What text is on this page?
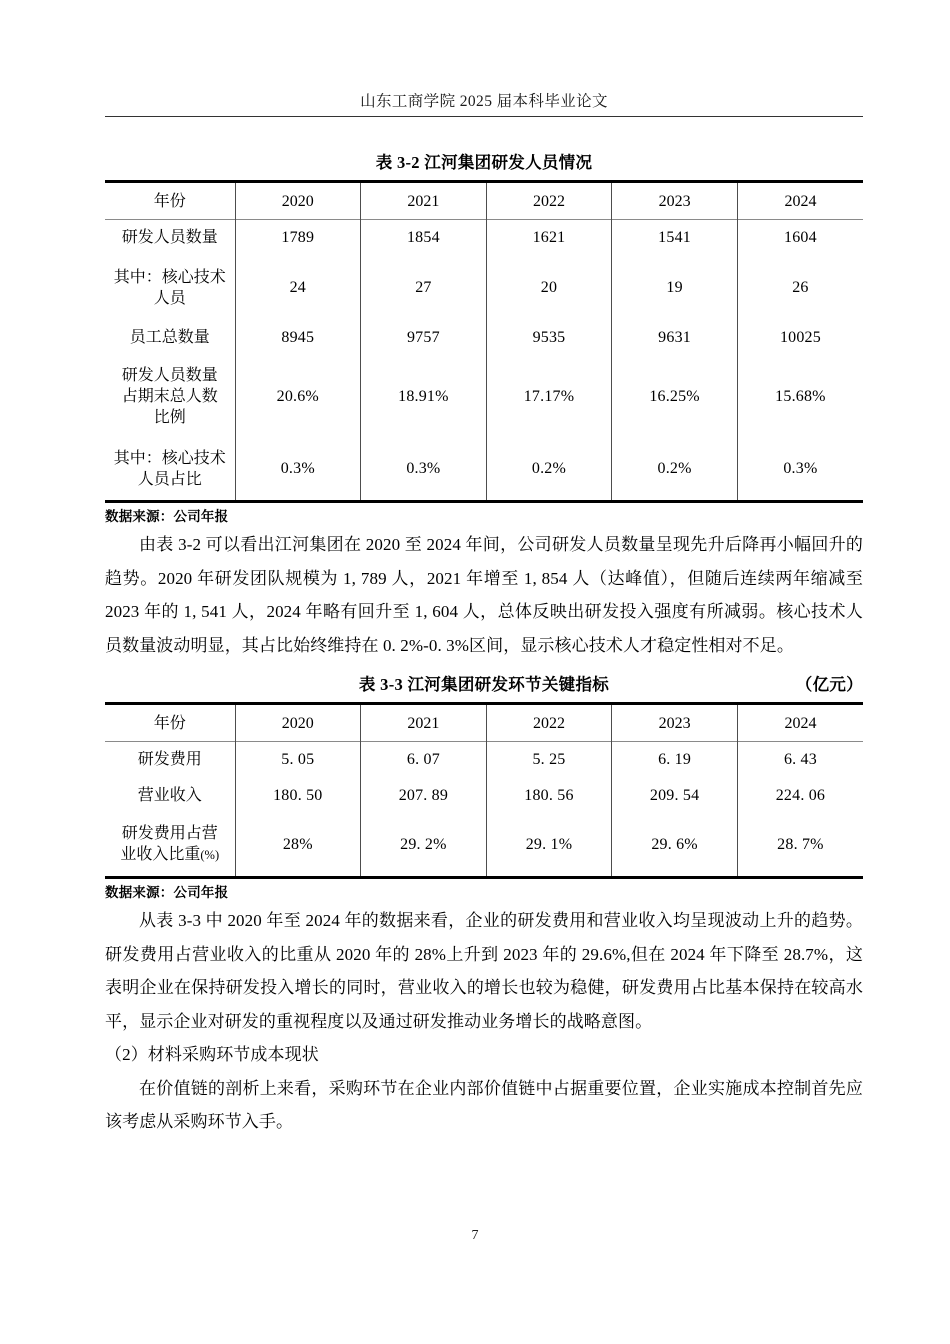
山东工商学院 2025 届本科毕业论文
表 3-2 江河集团研发人员情况
年份	2020	2021	2022	2023	2024
研发人员数量	1789	1854	1621	1541	1604

其中：核心技术
人员	24	27	20	19	26
员工总数量	8945	9757	9535	9631	10025

研发人员数量
占期末总人数
比例	20.6%	18.91%	17.17%	16.25%	15.68%

其中：核心技术
人员占比	0.3%	0.3%	0.2%	0.2%	0.3%
数据来源：公司年报

由表 3-2 可以看出江河集团在 2020 至 2024 年间，公司研发人员数量呈现先升后降再小幅回升的趋势。2020 年研发团队规模为 1, 789 人，2021 年增至 1, 854 人（达峰值），但随后连续两年缩减至 2023 年的 1, 541 人，2024 年略有回升至 1, 604 人，总体反映出研发投入强度有所减弱。核心技术人员数量波动明显，其占比始终维持在 0. 2%-0. 3%区间，显示核心技术人才稳定性相对不足。

表 3-3 江河集团研发环节关键指标	（亿元）
年份	2020	2021	2022	2023	2024
研发费用	5. 05	6. 07	5. 25	6. 19	6. 43
营业收入	180. 50	207. 89	180. 56	209. 54	224. 06

研发费用占营
业收入比重(%)	28%	29. 2%	29. 1%	29. 6%	28. 7%
数据来源：公司年报

从表 3-3 中 2020 年至 2024 年的数据来看，企业的研发费用和营业收入均呈现波动上升的趋势。研发费用占营业收入的比重从 2020 年的 28%上升到 2023 年的 29.6%,但在 2024 年下降至 28.7%，这表明企业在保持研发投入增长的同时，营业收入的增长也较为稳健，研发费用占比基本保持在较高水平，显示企业对研发的重视程度以及通过研发推动业务增长的战略意图。

（2）材料采购环节成本现状

在价值链的剖析上来看，采购环节在企业内部价值链中占据重要位置，企业实施成本控制首先应该考虑从采购环节入手。

7
